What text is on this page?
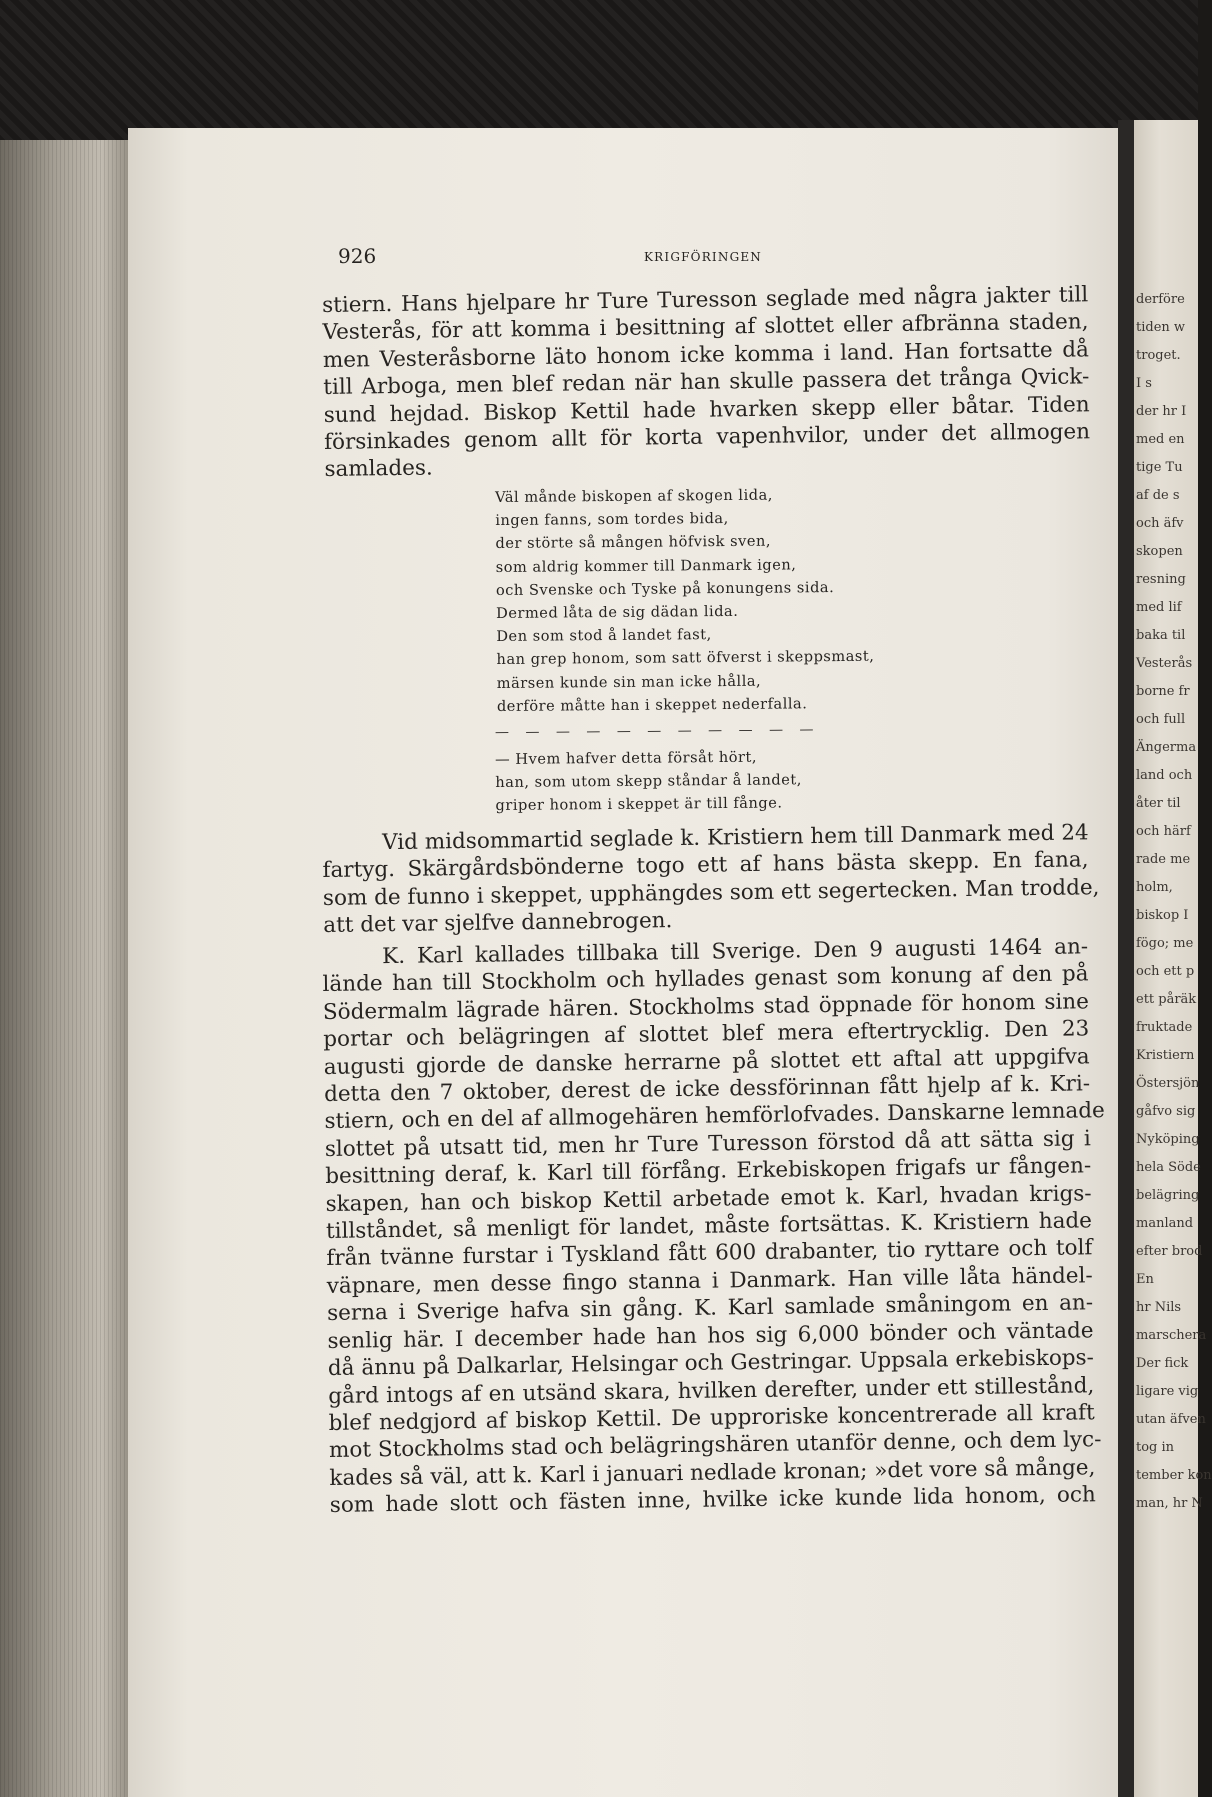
derföre
tiden w
troget.
I s
der hr I
med en
tige Tu
af de s
och äfv
skopen
resning
med lif
baka til
Vesterås
borne fr
och full
Ängerma
land och
åter til
och härf
rade me
holm,
biskop I
fögo; me
och ett p
ett påräk
fruktade
Kristiern
Östersjön
gåfvo sig
Nyköping
hela Söde
belägring
manland
efter brod
En
hr Nils
marschera
Der fick
ligare vig
utan äfven
tog in
tember kon
man, hr N
926	KRIGFÖRINGEN
stiern. Hans hjelpare hr Ture Turesson seglade med några jakter till
Vesterås, för att komma i besittning af slottet eller afbränna staden,
men Vesteråsborne läto honom icke komma i land. Han fortsatte då
till Arboga, men blef redan när han skulle passera det trånga Qvick-
sund hejdad. Biskop Kettil hade hvarken skepp eller båtar. Tiden
försinkades genom allt för korta vapenhvilor, under det allmogen
samlades.
Väl månde biskopen af skogen lida,
ingen fanns, som tordes bida,
der störte så mången höfvisk sven,
som aldrig kommer till Danmark igen,
och Svenske och Tyske på konungens sida.
Dermed låta de sig dädan lida.
Den som stod å landet fast,
han grep honom, som satt öfverst i skeppsmast,
märsen kunde sin man icke hålla,
derföre måtte han i skeppet nederfalla.
— — — — — — — — — — —
— Hvem hafver detta försåt hört,
han, som utom skepp ståndar å landet,
griper honom i skeppet är till fånge.
Vid midsommartid seglade k. Kristiern hem till Danmark med 24
fartyg. Skärgårdsbönderne togo ett af hans bästa skepp. En fana,
som de funno i skeppet, upphängdes som ett segertecken. Man trodde,
att det var sjelfve dannebrogen.
K. Karl kallades tillbaka till Sverige. Den 9 augusti 1464 an-
lände han till Stockholm och hyllades genast som konung af den på
Södermalm lägrade hären. Stockholms stad öppnade för honom sine
portar och belägringen af slottet blef mera eftertrycklig. Den 23
augusti gjorde de danske herrarne på slottet ett aftal att uppgifva
detta den 7 oktober, derest de icke dessförinnan fått hjelp af k. Kri-
stiern, och en del af allmogehären hemförlofvades. Danskarne lemnade
slottet på utsatt tid, men hr Ture Turesson förstod då att sätta sig i
besittning deraf, k. Karl till förfång. Erkebiskopen frigafs ur fången-
skapen, han och biskop Kettil arbetade emot k. Karl, hvadan krigs-
tillståndet, så menligt för landet, måste fortsättas. K. Kristiern hade
från tvänne furstar i Tyskland fått 600 drabanter, tio ryttare och tolf
väpnare, men desse fingo stanna i Danmark. Han ville låta händel-
serna i Sverige hafva sin gång. K. Karl samlade småningom en an-
senlig här. I december hade han hos sig 6,000 bönder och väntade
då ännu på Dalkarlar, Helsingar och Gestringar. Uppsala erkebiskops-
gård intogs af en utsänd skara, hvilken derefter, under ett stillestånd,
blef nedgjord af biskop Kettil. De upproriske koncentrerade all kraft
mot Stockholms stad och belägringshären utanför denne, och dem lyc-
kades så väl, att k. Karl i januari nedlade kronan; »det vore så månge,
som hade slott och fästen inne, hvilke icke kunde lida honom, och
